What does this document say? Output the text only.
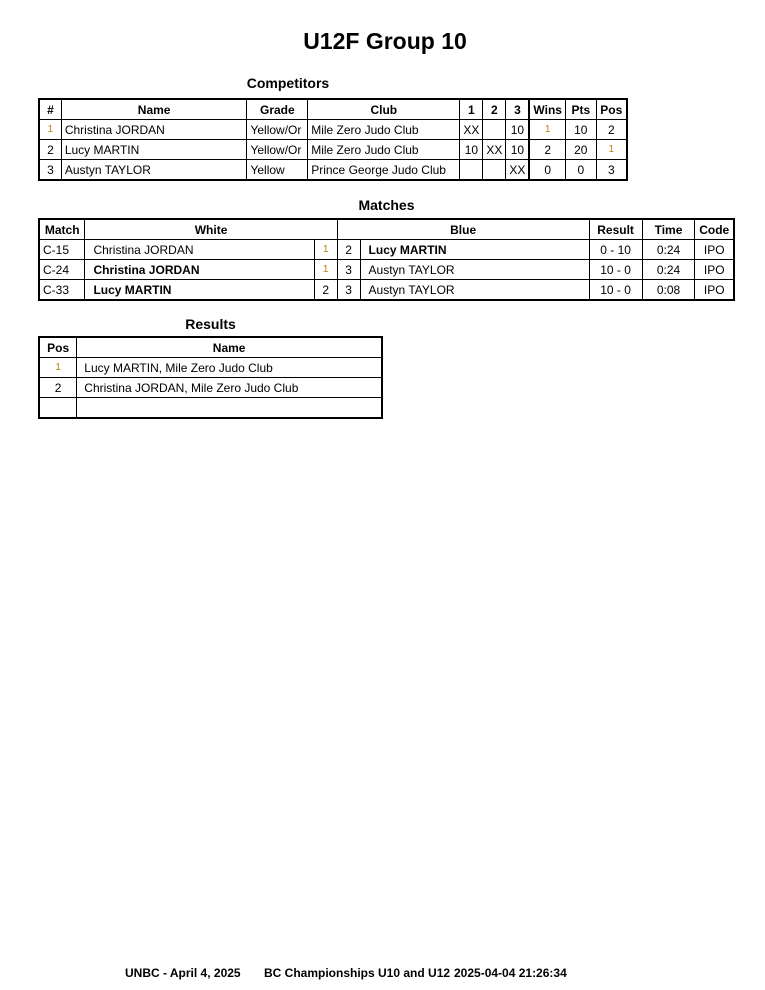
U12F Group 10
Competitors
#	Name	Grade	Club	1	2	3	Wins	Pts	Pos
1	Christina JORDAN	Yellow/Or	Mile Zero Judo Club	XX		10	1	10	2
2	Lucy MARTIN	Yellow/Or	Mile Zero Judo Club	10	XX	10	2	20	1
3	Austyn TAYLOR	Yellow	Prince George Judo Club			XX	0	0	3
Matches
Match	White		Blue		Result	Time	Code
C-15	Christina JORDAN	1	2	Lucy MARTIN	0 - 10	0:24	IPO
C-24	Christina JORDAN	1	3	Austyn TAYLOR	10 - 0	0:24	IPO
C-33	Lucy MARTIN	2	3	Austyn TAYLOR	10 - 0	0:08	IPO
Results
Pos	Name
1	Lucy MARTIN, Mile Zero Judo Club
2	Christina JORDAN, Mile Zero Judo Club

UNBC - April 4, 2025 BC Championships U10 and U12 2025-04-04 21:26:34
